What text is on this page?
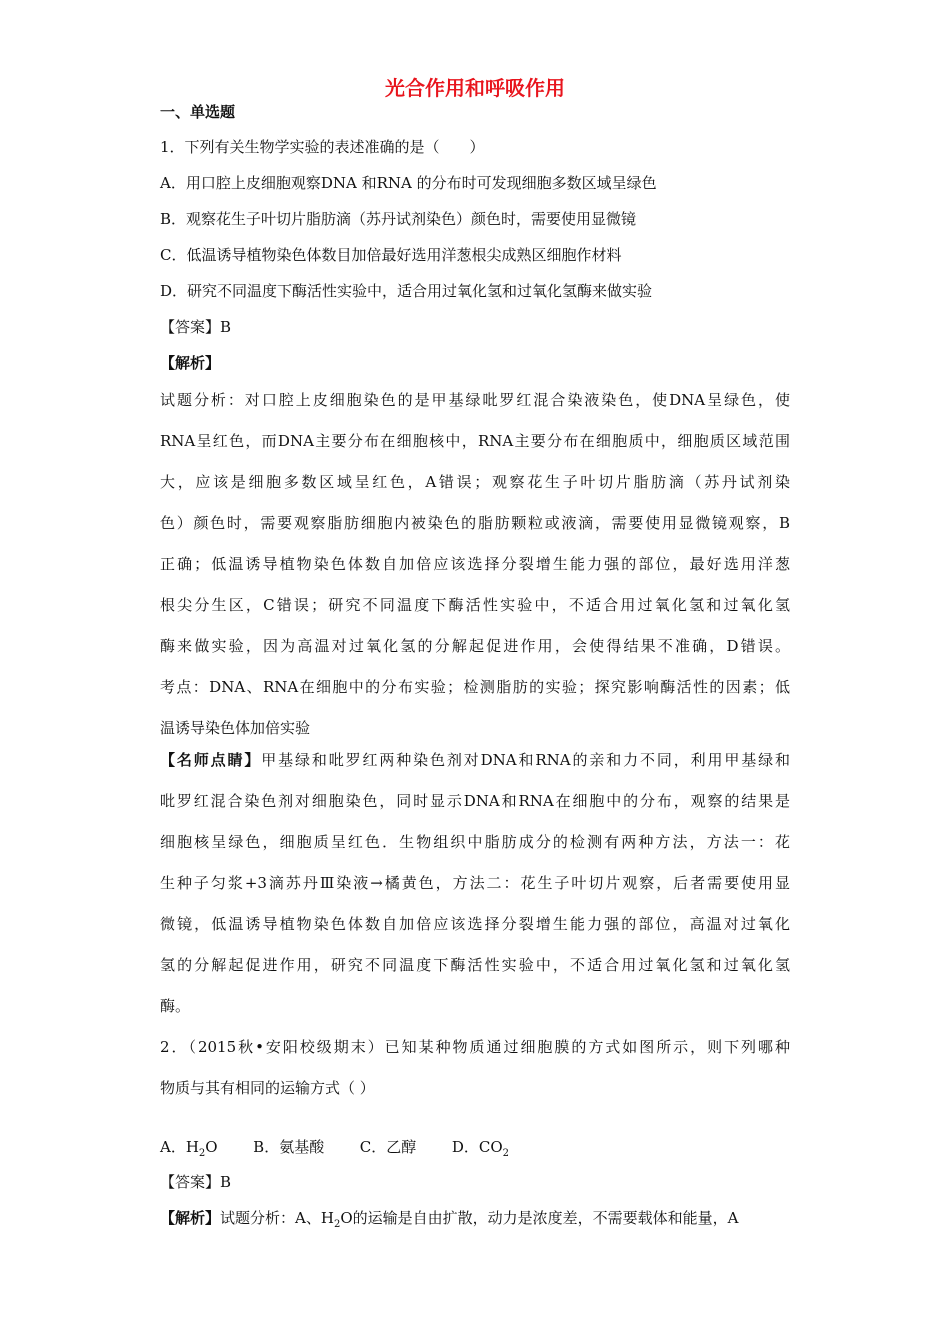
光合作用和呼吸作用
一、单选题
1．下列有关生物学实验的表述准确的是（　　）
A．用口腔上皮细胞观察DNA 和RNA 的分布时可发现细胞多数区域呈绿色
B．观察花生子叶切片脂肪滴（苏丹试剂染色）颜色时，需要使用显微镜
C．低温诱导植物染色体数目加倍最好选用洋葱根尖成熟区细胞作材料
D．研究不同温度下酶活性实验中，适合用过氧化氢和过氧化氢酶来做实验
【答案】B
【解析】
试题分析：对口腔上皮细胞染色的是甲基绿吡罗红混合染液染色，使DNA呈绿色，使
RNA呈红色，而DNA主要分布在细胞核中，RNA主要分布在细胞质中，细胞质区域范围
大，应该是细胞多数区域呈红色，A错误；观察花生子叶切片脂肪滴（苏丹试剂染
色）颜色时，需要观察脂肪细胞内被染色的脂肪颗粒或液滴，需要使用显微镜观察，B
正确；低温诱导植物染色体数自加倍应该选择分裂增生能力强的部位，最好选用洋葱
根尖分生区，C错误；研究不同温度下酶活性实验中，不适合用过氧化氢和过氧化氢
酶来做实验，因为高温对过氧化氢的分解起促进作用，会使得结果不准确，D错误。
考点：DNA、RNA在细胞中的分布实验；检测脂肪的实验；探究影响酶活性的因素；低
温诱导染色体加倍实验
【名师点睛】甲基绿和吡罗红两种染色剂对DNA和RNA的亲和力不同，利用甲基绿和
吡罗红混合染色剂对细胞染色，同时显示DNA和RNA在细胞中的分布，观察的结果是
细胞核呈绿色，细胞质呈红色．生物组织中脂肪成分的检测有两种方法，方法一：花
生种子匀浆+3滴苏丹Ⅲ染液→橘黄色，方法二：花生子叶切片观察，后者需要使用显
微镜，低温诱导植物染色体数自加倍应该选择分裂增生能力强的部位，高温对过氧化
氢的分解起促进作用，研究不同温度下酶活性实验中，不适合用过氧化氢和过氧化氢
酶。
2．（2015秋•安阳校级期末）已知某种物质通过细胞膜的方式如图所示，则下列哪种
物质与其有相同的运输方式（ ）
A．$H_2O$ B．氨基酸 C．乙醇 D．$CO_2$
【答案】B
【解析】试题分析：A、$H_2O$的运输是自由扩散，动力是浓度差，不需要载体和能量，A
